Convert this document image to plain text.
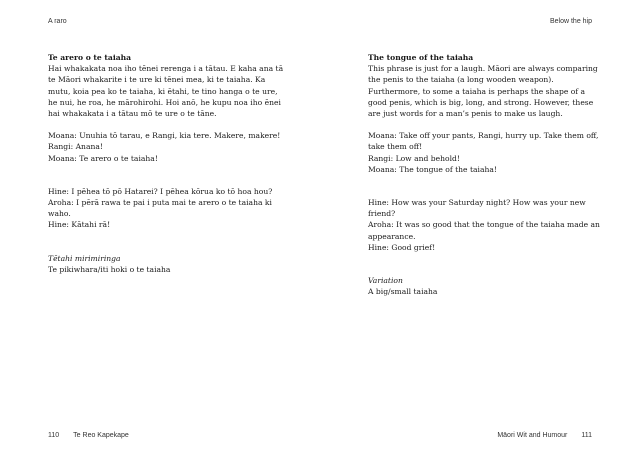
A raro

Te arero o te taiaha

Hai whakakata noa iho tēnei rerenga i a tātau. E kaha ana tā te Māori whakarite i te ure ki tēnei mea, ki te taiaha. Ka mutu, koia pea ko te taiaha, ki ētahi, te tino hanga o te ure, he nui, he roa, he mārohirohi. Hoi anō, he kupu noa iho ēnei hai whakakata i a tātau mō te ure o te tāne.

Moana: Unuhia tō tarau, e Rangi, kia tere. Makere, makere!

Rangi: Anana!

Moana: Te arero o te taiaha!

Hine: I pēhea tō pō Hatarei? I pēhea kōrua ko tō hoa hou?

Aroha: I pērā rawa te pai i puta mai te arero o te taiaha ki waho.

Hine: Kātahi rā!

Tētahi mirimiringa

Te pikiwhara/iti hoki o te taiaha

110 Te Reo Kapekape
Below the hip

The tongue of the taiaha

This phrase is just for a laugh. Māori are always comparing the penis to the taiaha (a long wooden weapon). Furthermore, to some a taiaha is perhaps the shape of a good penis, which is big, long, and strong. However, these are just words for a man’s penis to make us laugh.

Moana: Take off your pants, Rangi, hurry up. Take them off, take them off!

Rangi: Low and behold!

Moana: The tongue of the taiaha!

Hine: How was your Saturday night? How was your new friend?

Aroha: It was so good that the tongue of the taiaha made an appearance.

Hine: Good grief!

Variation

A big/small taiaha

Māori Wit and Humour 111
